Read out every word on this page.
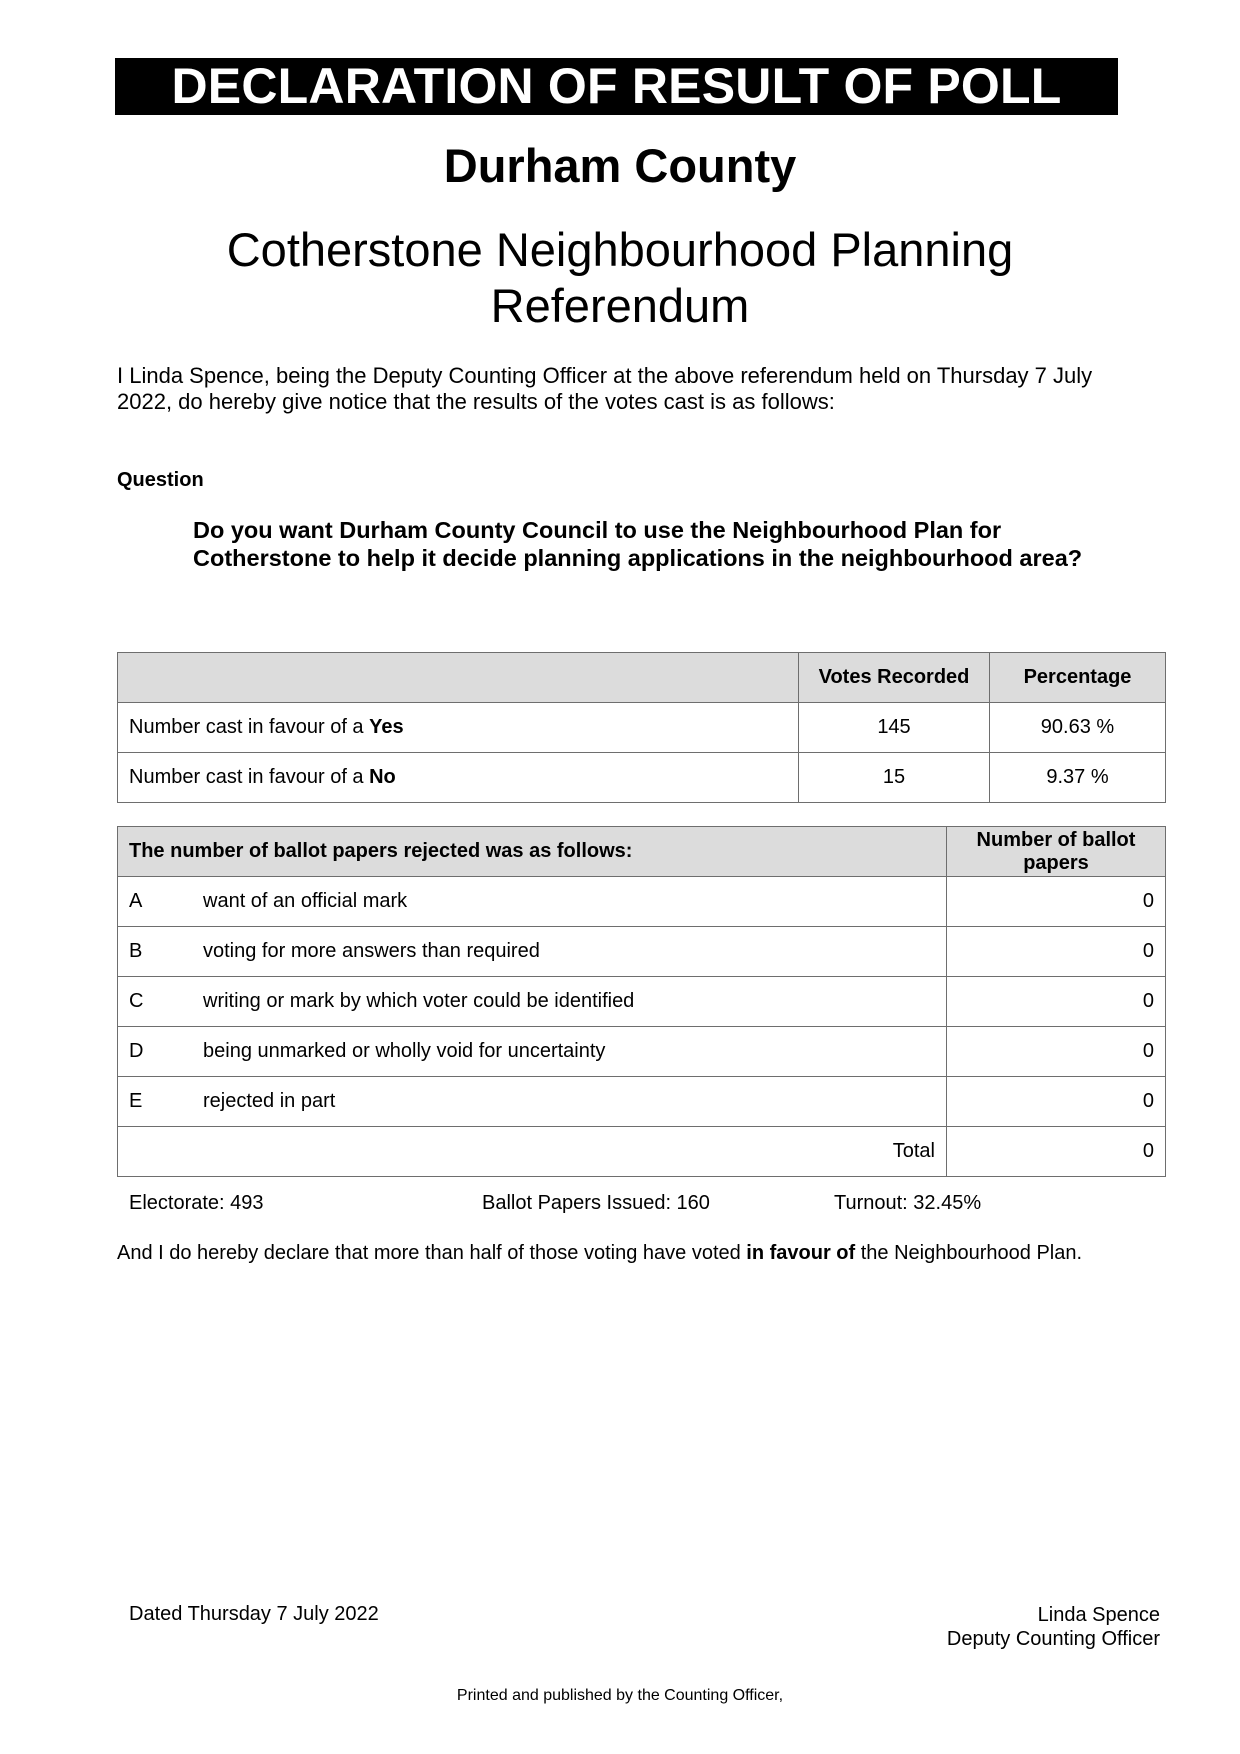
DECLARATION OF RESULT OF POLL
Durham County
Cotherstone Neighbourhood Planning
Referendum
I Linda Spence, being the Deputy Counting Officer at the above referendum held on Thursday 7 July 2022, do hereby give notice that the results of the votes cast is as follows:
Question
Do you want Durham County Council to use the Neighbourhood Plan for Cotherstone to help it decide planning applications in the neighbourhood area?
	Votes Recorded	Percentage
Number cast in favour of a Yes	145	90.63 %
Number cast in favour of a No	15	9.37 %
The number of ballot papers rejected was as follows:	Number of ballot papers
A want of an official mark	0
B voting for more answers than required	0
C writing or mark by which voter could be identified	0
D being unmarked or wholly void for uncertainty	0
E rejected in part	0
Total	0
Electorate: 493	Ballot Papers Issued: 160	Turnout: 32.45%
And I do hereby declare that more than half of those voting have voted in favour of the Neighbourhood Plan.
Dated Thursday 7 July 2022	Linda Spence
Deputy Counting Officer
Printed and published by the Counting Officer,
